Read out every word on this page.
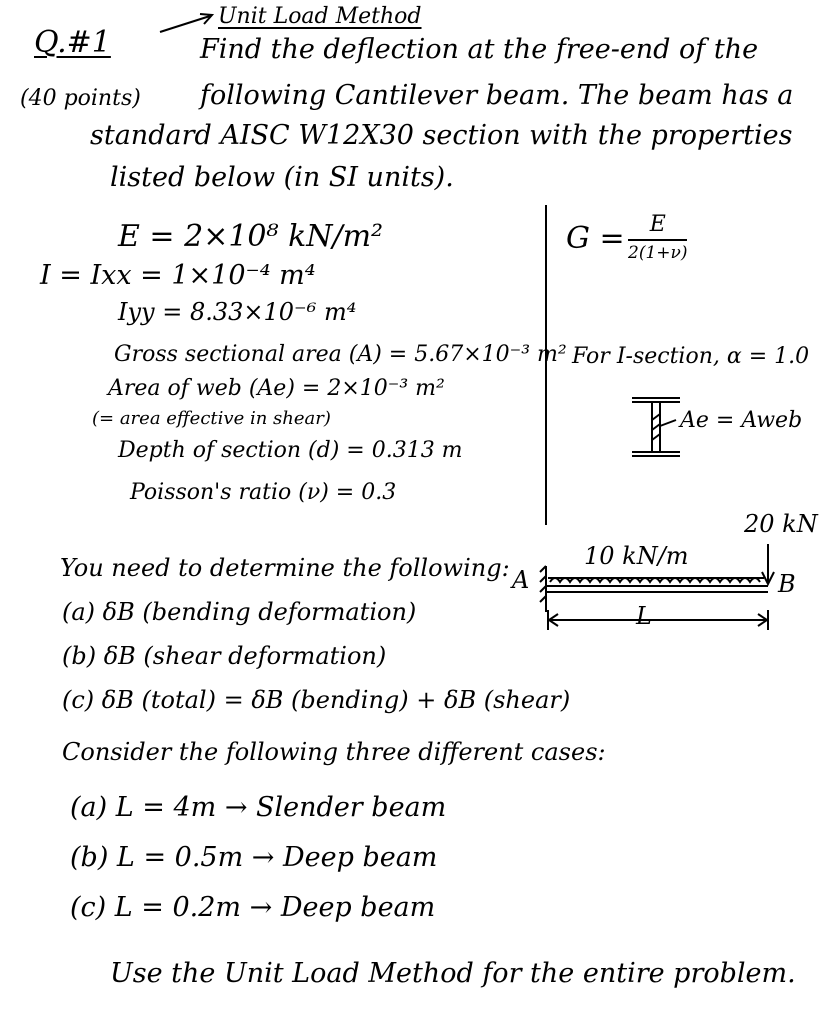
Q.#1
(40 points)
Unit Load Method
Find the deflection at the free-end of the
following Cantilever beam. The beam has a
standard AISC W12X30 section with the properties
listed below (in SI units).
E = 2×10⁸ kN/m²
I = Ixx = 1×10⁻⁴ m⁴
Iyy = 8.33×10⁻⁶ m⁴
Gross sectional area (A) = 5.67×10⁻³ m²
Area of web (Ae) = 2×10⁻³ m²
(= area effective in shear)
Depth of section (d) = 0.313 m
Poisson's ratio (ν) = 0.3
G =	E
2(1+ν)
For I-section, α = 1.0
Ae = Aweb
20 kN
10 kN/m
A	B
L
You need to determine the following:
(a) δB (bending deformation)
(b) δB (shear deformation)
(c) δB (total) = δB (bending) + δB (shear)
Consider the following three different cases:
(a) L = 4m → Slender beam
(b) L = 0.5m → Deep beam
(c) L = 0.2m → Deep beam
Use the Unit Load Method for the entire problem.
